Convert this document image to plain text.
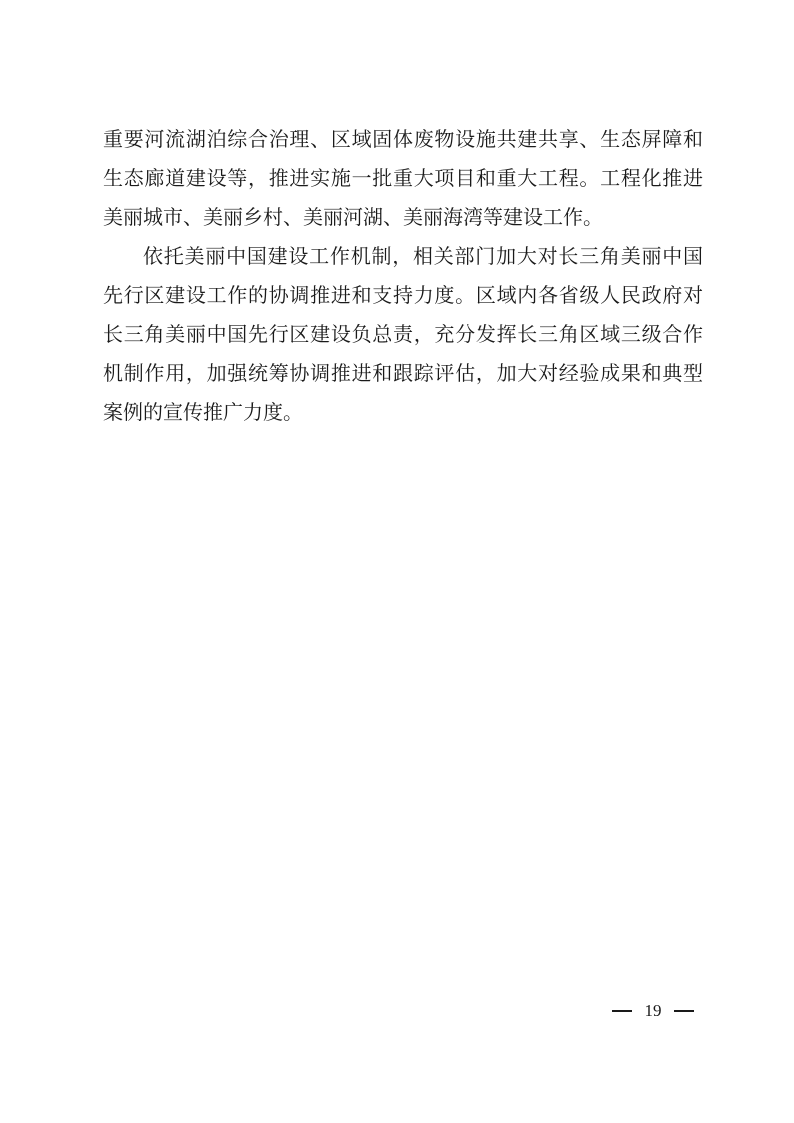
重要河流湖泊综合治理、区域固体废物设施共建共享、生态屏障和
生态廊道建设等，推进实施一批重大项目和重大工程。工程化推进
美丽城市、美丽乡村、美丽河湖、美丽海湾等建设工作。
依托美丽中国建设工作机制，相关部门加大对长三角美丽中国
先行区建设工作的协调推进和支持力度。区域内各省级人民政府对
长三角美丽中国先行区建设负总责，充分发挥长三角区域三级合作
机制作用，加强统筹协调推进和跟踪评估，加大对经验成果和典型
案例的宣传推广力度。
19
